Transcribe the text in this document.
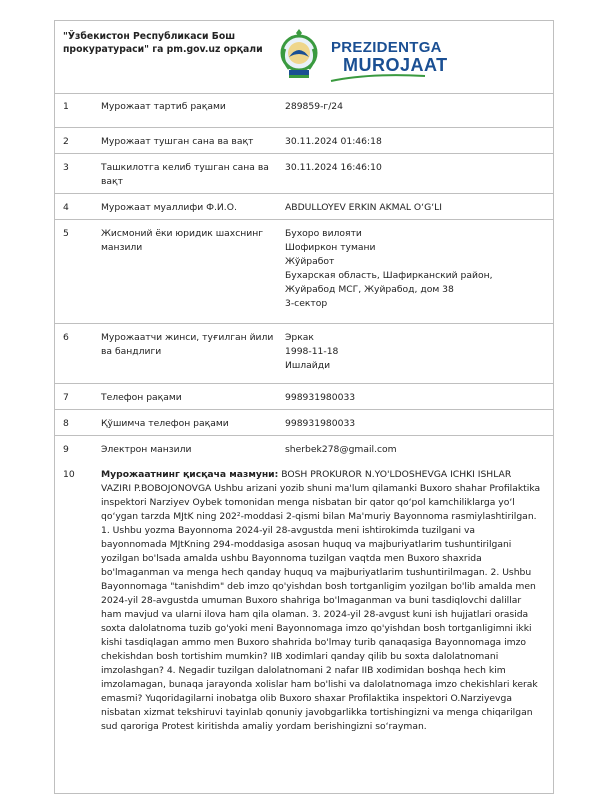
"Ўзбекистон Республикаси Бош прокуратураси" га pm.gov.uz орқали	PREZIDENTGA
MUROJAAT
1	Мурожаат тартиб рақами	289859-г/24

2	Мурожаат тушган сана ва вақт	30.11.2024 01:46:18

3	Ташкилотга келиб тушган сана ва вақт	30.11.2024 16:46:10

4	Мурожаат муаллифи Ф.И.О.	ABDULLOYEV ERKIN AKMAL O‘G‘LI

5	Жисмоний ёки юридик шахснинг манзили	Бухоро вилояти
Шофиркон тумани
Жўйработ
Бухарская область, Шафирканский район, Жуйрабод МСГ, Жуйрабод, дом 38
3-сектор

6	Мурожаатчи жинси, туғилган йили ва бандлиги	Эркак
1998-11-18
Ишлайди

7	Телефон рақами	998931980033

8	Қўшимча телефон рақами	998931980033

9	Электрон манзили	sherbek278@gmail.com

10	Мурожаатнинг қисқача мазмуни: BOSH PROKUROR N.YO'LDOSHEVGA ICHKI ISHLAR VAZIRI P.BOBOJONOVGA Ushbu arizani yozib shuni ma'lum qilamanki Buxoro shahar Profilaktika inspektori Narziyev Oybek tomonidan menga nisbatan bir qator qo‘pol kamchiliklarga yo‘l qo‘ygan tarzda MJtK ning 202²-moddasi 2-qismi bilan Ma'muriy Bayonnoma rasmiylashtirilgan. 1. Ushbu yozma Bayonnoma 2024-yil 28-avgustda meni ishtirokimda tuzilgani va bayonnomada MJtKning 294-moddasiga asosan huquq va majburiyatlarim tushuntirilgani yozilgan bo'lsada amalda ushbu Bayonnoma tuzilgan vaqtda men Buxoro shaxrida bo'lmaganman va menga hech qanday huquq va majburiyatlarim tushuntirilmagan. 2. Ushbu Bayonnomaga "tanishdim" deb imzo qo'yishdan bosh tortganligim yozilgan bo'lib amalda men 2024-yil 28-avgustda umuman Buxoro shahriga bo'lmaganman va buni tasdiqlovchi dalillar ham mavjud va ularni ilova ham qila olaman. 3. 2024-yil 28-avgust kuni ish hujjatlari orasida soxta dalolatnoma tuzib go'yoki meni Bayonnomaga imzo qo'yishdan bosh tortganligimni ikki kishi tasdiqlagan ammo men Buxoro shahrida bo'lmay turib qanaqasiga Bayonnomaga imzo chekishdan bosh tortishim mumkin? IIB xodimlari qanday qilib bu soxta dalolatnomani imzolashgan? 4. Negadir tuzilgan dalolatnomani 2 nafar IIB xodimidan boshqa hech kim imzolamagan, bunaqa jarayonda xolislar ham bo'lishi va dalolatnomaga imzo chekishlari kerak emasmi? Yuqoridagilarni inobatga olib Buxoro shaxar Profilaktika inspektori O.Narziyevga nisbatan xizmat tekshiruvi tayinlab qonuniy javobgarlikka tortishingizni va menga chiqarilgan sud qaroriga Protest kiritishda amaliy yordam berishingizni so‘rayman.	
